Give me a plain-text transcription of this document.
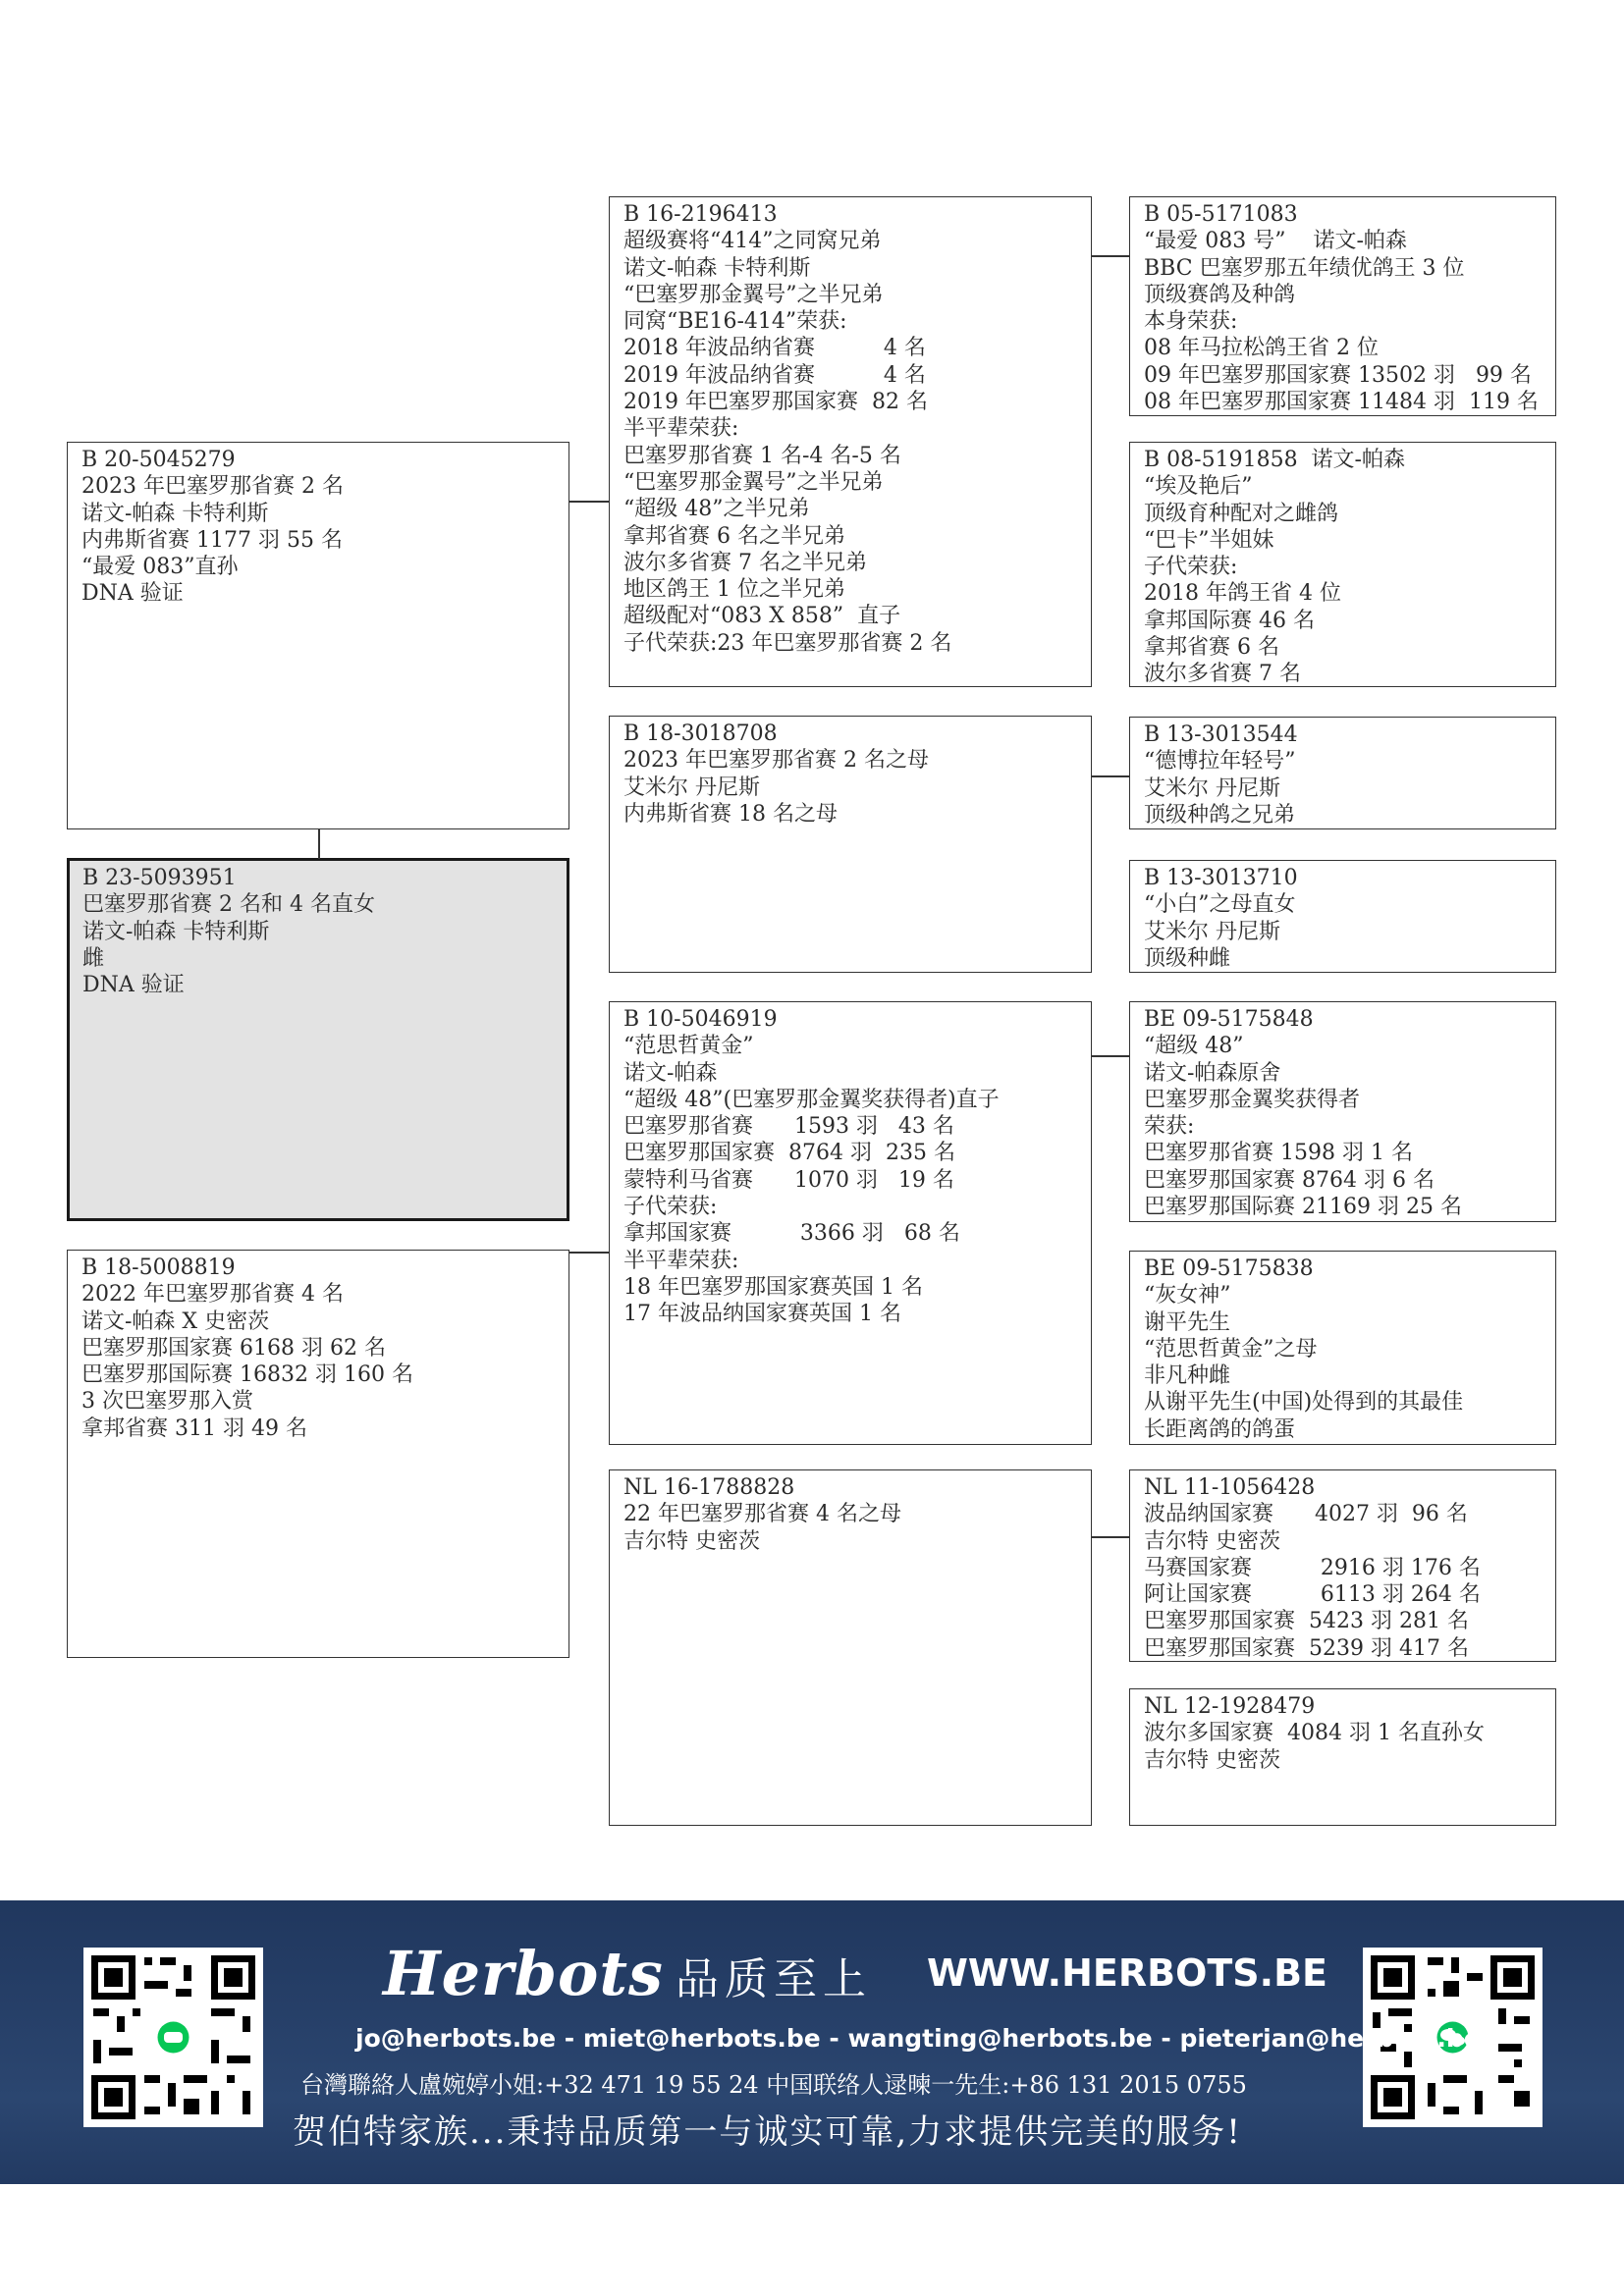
B 05-5171083
“最爱 083 号”    诺文-帕森
BBC 巴塞罗那五年绩优鸽王 3 位
顶级赛鸽及种鸽
本身荣获:
08 年马拉松鸽王省 2 位
09 年巴塞罗那国家赛 13502 羽   99 名
08 年巴塞罗那国家赛 11484 羽  119 名
B 08-5191858  诺文-帕森
“埃及艳后”
顶级育种配对之雌鸽
“巴卡”半姐妹
子代荣获:
2018 年鸽王省 4 位
拿邦国际赛 46 名
拿邦省赛 6 名
波尔多省赛 7 名
B 13-3013544
“德博拉年轻号”
艾米尔 丹尼斯
顶级种鸽之兄弟
B 13-3013710
“小白”之母直女
艾米尔 丹尼斯
顶级种雌
BE 09-5175848
“超级 48”
诺文-帕森原舍
巴塞罗那金翼奖获得者
荣获:
巴塞罗那省赛 1598 羽 1 名
巴塞罗那国家赛 8764 羽 6 名
巴塞罗那国际赛 21169 羽 25 名
BE 09-5175838
“灰女神”
谢平先生
“范思哲黄金”之母
非凡种雌
从谢平先生(中国)处得到的其最佳
长距离鸽的鸽蛋
NL 11-1056428
波品纳国家赛      4027 羽  96 名
吉尔特 史密茨
马赛国家赛          2916 羽 176 名
阿让国家赛          6113 羽 264 名
巴塞罗那国家赛  5423 羽 281 名
巴塞罗那国家赛  5239 羽 417 名
NL 12-1928479
波尔多国家赛  4084 羽 1 名直孙女
吉尔特 史密茨
B 16-2196413
超级赛将“414”之同窝兄弟
诺文-帕森 卡特利斯
“巴塞罗那金翼号”之半兄弟
同窝“BE16-414”荣获:
2018 年波品纳省赛          4 名
2019 年波品纳省赛          4 名
2019 年巴塞罗那国家赛  82 名
半平辈荣获:
巴塞罗那省赛 1 名-4 名-5 名
“巴塞罗那金翼号”之半兄弟
“超级 48”之半兄弟
拿邦省赛 6 名之半兄弟
波尔多省赛 7 名之半兄弟
地区鸽王 1 位之半兄弟
超级配对“083 X 858”  直子
子代荣获:23 年巴塞罗那省赛 2 名
B 18-3018708
2023 年巴塞罗那省赛 2 名之母
艾米尔 丹尼斯
内弗斯省赛 18 名之母
B 10-5046919
“范思哲黄金”
诺文-帕森
“超级 48”(巴塞罗那金翼奖获得者)直子
巴塞罗那省赛      1593 羽   43 名
巴塞罗那国家赛  8764 羽  235 名
蒙特利马省赛      1070 羽   19 名
子代荣获:
拿邦国家赛          3366 羽   68 名
半平辈荣获:
18 年巴塞罗那国家赛英国 1 名
17 年波品纳国家赛英国 1 名
NL 16-1788828
22 年巴塞罗那省赛 4 名之母
吉尔特 史密茨
B 20-5045279
2023 年巴塞罗那省赛 2 名
诺文-帕森 卡特利斯
内弗斯省赛 1177 羽 55 名
“最爱 083”直孙
DNA 验证
B 23-5093951
巴塞罗那省赛 2 名和 4 名直女
诺文-帕森 卡特利斯
雌
DNA 验证
B 18-5008819
2022 年巴塞罗那省赛 4 名
诺文-帕森 X 史密茨
巴塞罗那国家赛 6168 羽 62 名
巴塞罗那国际赛 16832 羽 160 名
3 次巴塞罗那入赏
拿邦省赛 311 羽 49 名
Herbots 品质至上 WWW.HERBOTS.BE
jo@herbots.be - miet@herbots.be - wangting@herbots.be - pieterjan@herbots.be
台灣聯絡人盧婉婷小姐:+32 471 19 55 24 中国联络人逯暕一先生:+86 131 2015 0755
贺伯特家族...秉持品质第一与诚实可靠,力求提供完美的服务!
